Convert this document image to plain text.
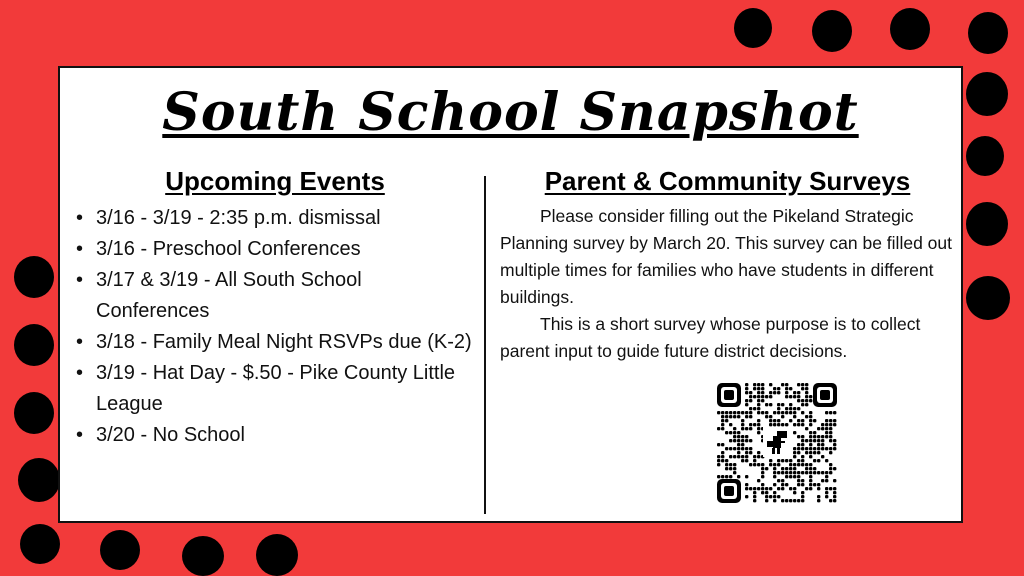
South School Snapshot
Upcoming Events
• 3/16 - 3/19 - 2:35 p.m. dismissal
• 3/16 - Preschool Conferences
• 3/17 & 3/19 - All South School Conferences
• 3/18 - Family Meal Night RSVPs due (K-2)
• 3/19 - Hat Day - $.50 - Pike County Little League
• 3/20 - No School
Parent & Community Surveys

Please consider filling out the Pikeland Strategic Planning survey by March 20. This survey can be filled out multiple times for families who have students in different buildings.

This is a short survey whose purpose is to collect parent input to guide future district decisions.
